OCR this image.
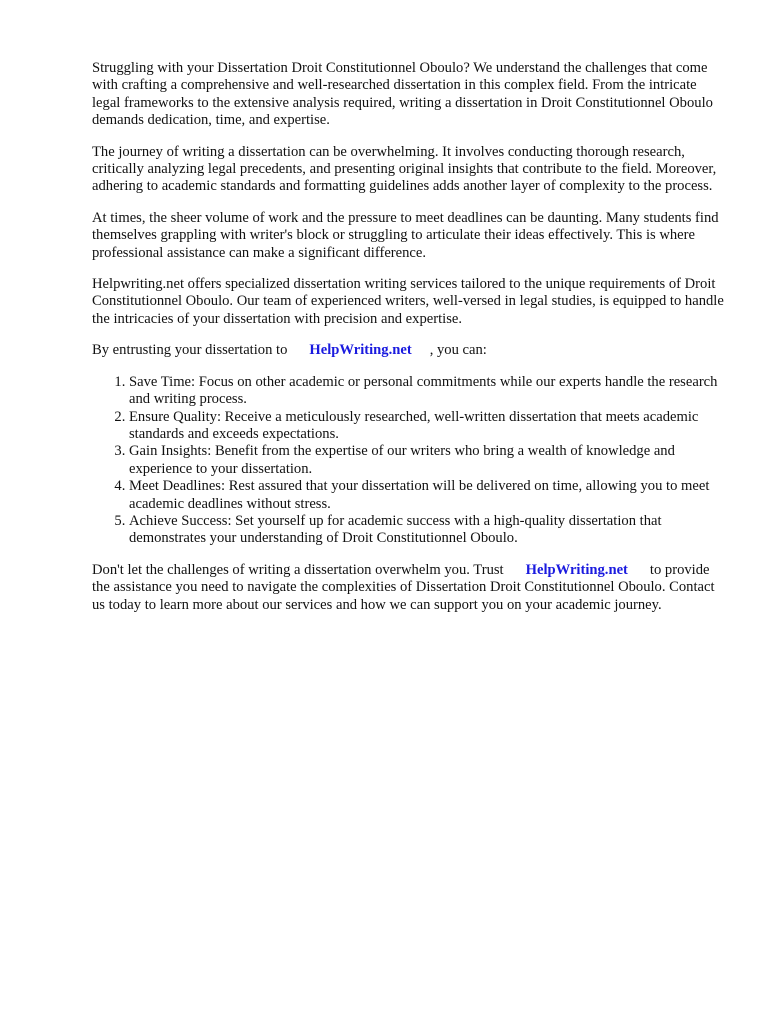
Struggling with your Dissertation Droit Constitutionnel Oboulo? We understand the challenges that come with crafting a comprehensive and well-researched dissertation in this complex field. From the intricate legal frameworks to the extensive analysis required, writing a dissertation in Droit Constitutionnel Oboulo demands dedication, time, and expertise.

The journey of writing a dissertation can be overwhelming. It involves conducting thorough research, critically analyzing legal precedents, and presenting original insights that contribute to the field. Moreover, adhering to academic standards and formatting guidelines adds another layer of complexity to the process.

At times, the sheer volume of work and the pressure to meet deadlines can be daunting. Many students find themselves grappling with writer's block or struggling to articulate their ideas effectively. This is where professional assistance can make a significant difference.

Helpwriting.net offers specialized dissertation writing services tailored to the unique requirements of Droit Constitutionnel Oboulo. Our team of experienced writers, well-versed in legal studies, is equipped to handle the intricacies of your dissertation with precision and expertise.

By entrusting your dissertation to HelpWriting.net , you can:

1. Save Time: Focus on other academic or personal commitments while our experts handle the research and writing process.
2. Ensure Quality: Receive a meticulously researched, well-written dissertation that meets academic standards and exceeds expectations.
3. Gain Insights: Benefit from the expertise of our writers who bring a wealth of knowledge and experience to your dissertation.
4. Meet Deadlines: Rest assured that your dissertation will be delivered on time, allowing you to meet academic deadlines without stress.
5. Achieve Success: Set yourself up for academic success with a high-quality dissertation that demonstrates your understanding of Droit Constitutionnel Oboulo.

Don't let the challenges of writing a dissertation overwhelm you. Trust HelpWriting.net to provide the assistance you need to navigate the complexities of Dissertation Droit Constitutionnel Oboulo. Contact us today to learn more about our services and how we can support you on your academic journey.
